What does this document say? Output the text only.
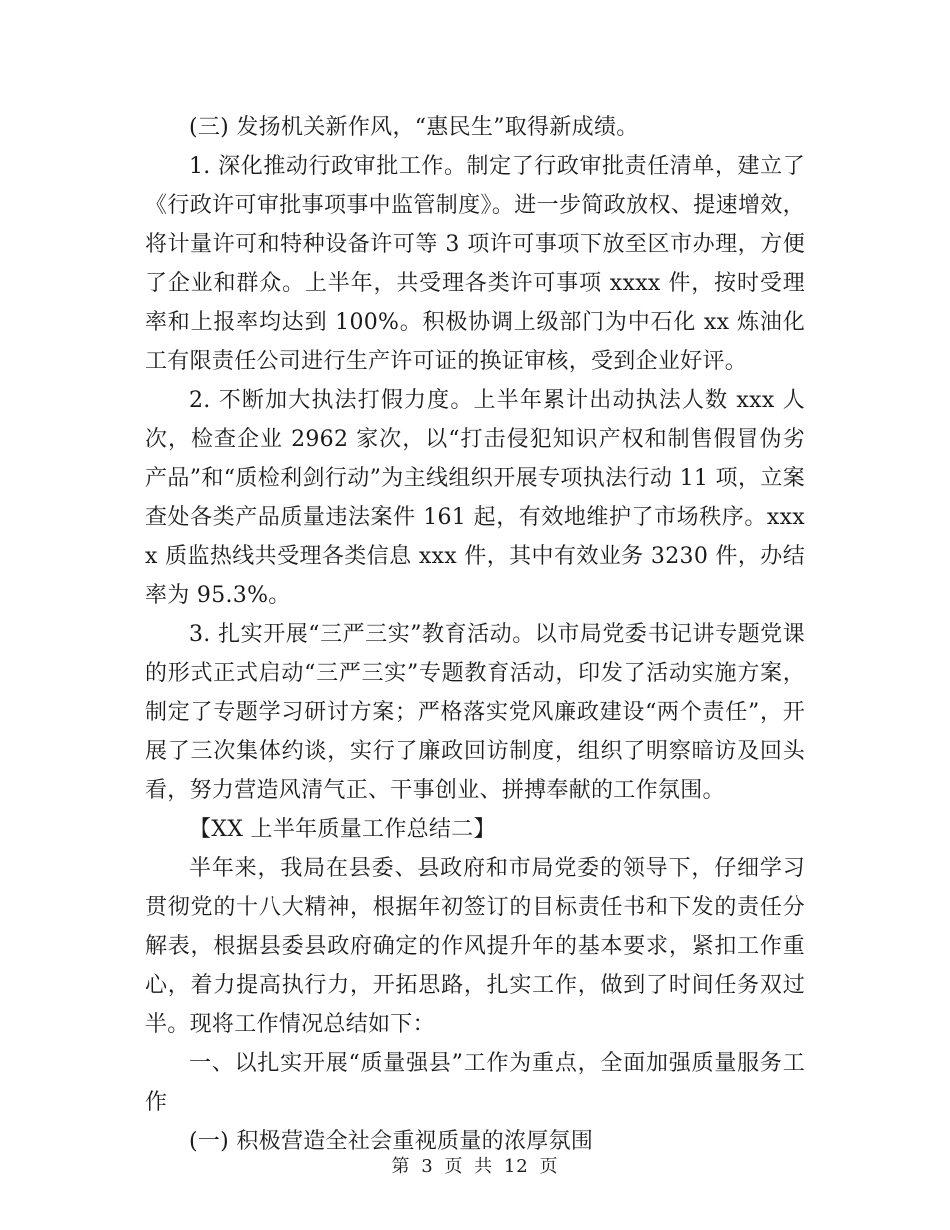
(三) 发扬机关新作风，“惠民生”取得新成绩。

1. 深化推动行政审批工作。制定了行政审批责任清单，建立了《行政许可审批事项事中监管制度》。进一步简政放权、提速增效，将计量许可和特种设备许可等 3 项许可事项下放至区市办理，方便了企业和群众。上半年，共受理各类许可事项 xxxx 件，按时受理率和上报率均达到 100%。积极协调上级部门为中石化 xx 炼油化工有限责任公司进行生产许可证的换证审核，受到企业好评。

2. 不断加大执法打假力度。上半年累计出动执法人数 xxx 人次，检查企业 2962 家次，以“打击侵犯知识产权和制售假冒伪劣产品”和“质检利剑行动”为主线组织开展专项执法行动 11 项，立案查处各类产品质量违法案件 161 起，有效地维护了市场秩序。xxxx 质监热线共受理各类信息 xxx 件，其中有效业务 3230 件，办结率为 95.3%。

3. 扎实开展“三严三实”教育活动。以市局党委书记讲专题党课的形式正式启动“三严三实”专题教育活动，印发了活动实施方案，制定了专题学习研讨方案；严格落实党风廉政建设“两个责任”，开展了三次集体约谈，实行了廉政回访制度，组织了明察暗访及回头看，努力营造风清气正、干事创业、拼搏奉献的工作氛围。

【XX 上半年质量工作总结二】

半年来，我局在县委、县政府和市局党委的领导下，仔细学习贯彻党的十八大精神，根据年初签订的目标责任书和下发的责任分解表，根据县委县政府确定的作风提升年的基本要求，紧扣工作重心，着力提高执行力，开拓思路，扎实工作，做到了时间任务双过半。现将工作情况总结如下：

一、以扎实开展“质量强县”工作为重点，全面加强质量服务工作

(一) 积极营造全社会重视质量的浓厚氛围

第 3 页 共 12 页
